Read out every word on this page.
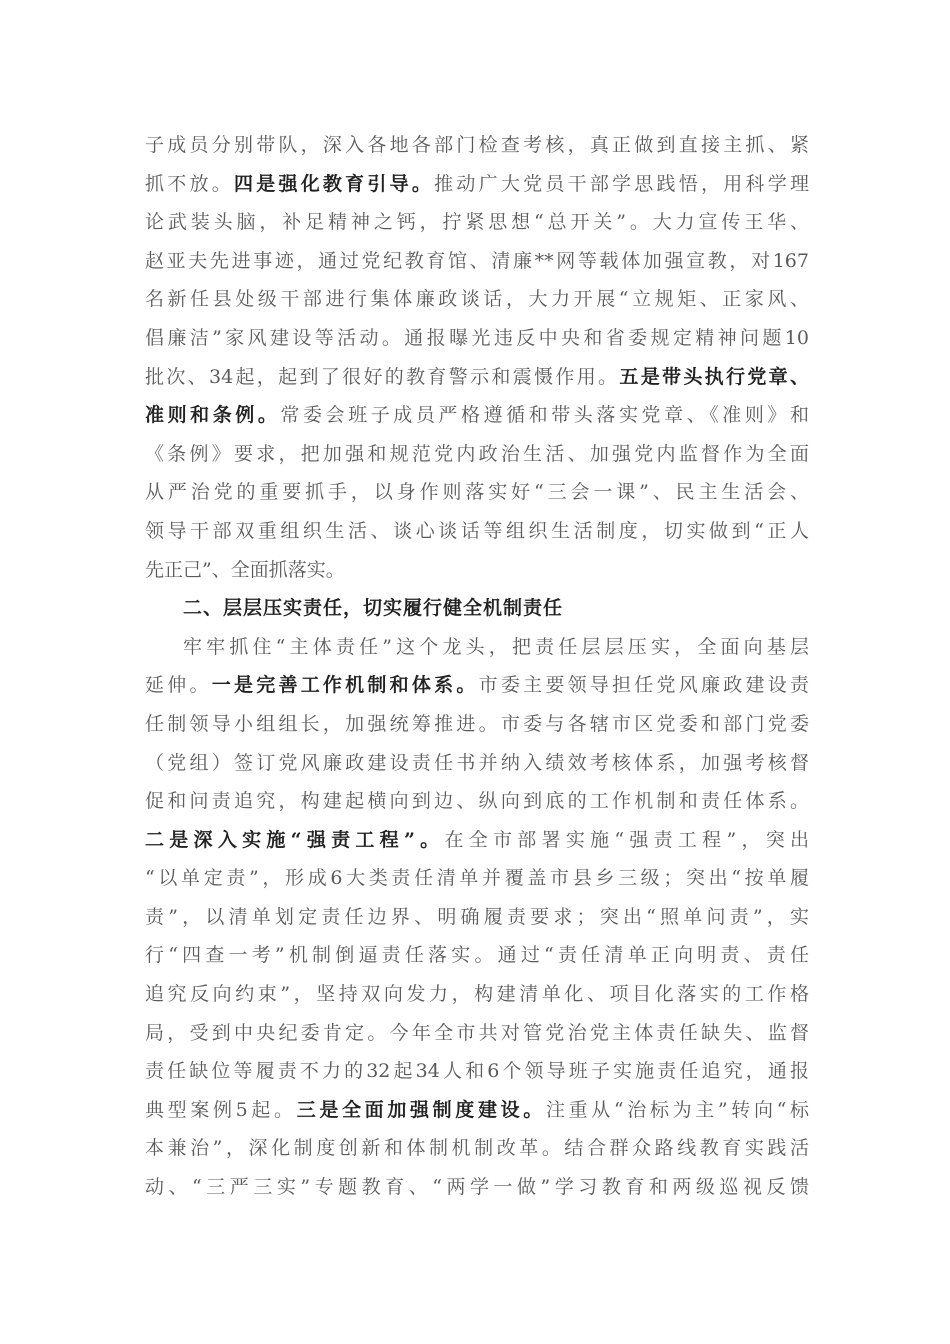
子成员分别带队，深入各地各部门检查考核，真正做到直接主抓、紧
抓不放。四是强化教育引导。推动广大党员干部学思践悟，用科学理
论武装头脑，补足精神之钙，拧紧思想“总开关”。大力宣传王华、
赵亚夫先进事迹，通过党纪教育馆、清廉**网等载体加强宣教，对167
名新任县处级干部进行集体廉政谈话，大力开展“立规矩、正家风、
倡廉洁”家风建设等活动。通报曝光违反中央和省委规定精神问题10
批次、34起，起到了很好的教育警示和震慑作用。五是带头执行党章、
准则和条例。常委会班子成员严格遵循和带头落实党章、《准则》和
《条例》要求，把加强和规范党内政治生活、加强党内监督作为全面
从严治党的重要抓手，以身作则落实好“三会一课”、民主生活会、
领导干部双重组织生活、谈心谈话等组织生活制度，切实做到“正人
先正己”、全面抓落实。
二、层层压实责任，切实履行健全机制责任
牢牢抓住“主体责任”这个龙头，把责任层层压实，全面向基层
延伸。一是完善工作机制和体系。市委主要领导担任党风廉政建设责
任制领导小组组长，加强统筹推进。市委与各辖市区党委和部门党委
（党组）签订党风廉政建设责任书并纳入绩效考核体系，加强考核督
促和问责追究，构建起横向到边、纵向到底的工作机制和责任体系。
二是深入实施“强责工程”。在全市部署实施“强责工程”，突出
“以单定责”，形成6大类责任清单并覆盖市县乡三级；突出“按单履
责”，以清单划定责任边界、明确履责要求；突出“照单问责”，实
行“四查一考”机制倒逼责任落实。通过“责任清单正向明责、责任
追究反向约束”，坚持双向发力，构建清单化、项目化落实的工作格
局，受到中央纪委肯定。今年全市共对管党治党主体责任缺失、监督
责任缺位等履责不力的32起34人和6个领导班子实施责任追究，通报
典型案例5起。三是全面加强制度建设。注重从“治标为主”转向“标
本兼治”，深化制度创新和体制机制改革。结合群众路线教育实践活
动、“三严三实”专题教育、“两学一做”学习教育和两级巡视反馈
